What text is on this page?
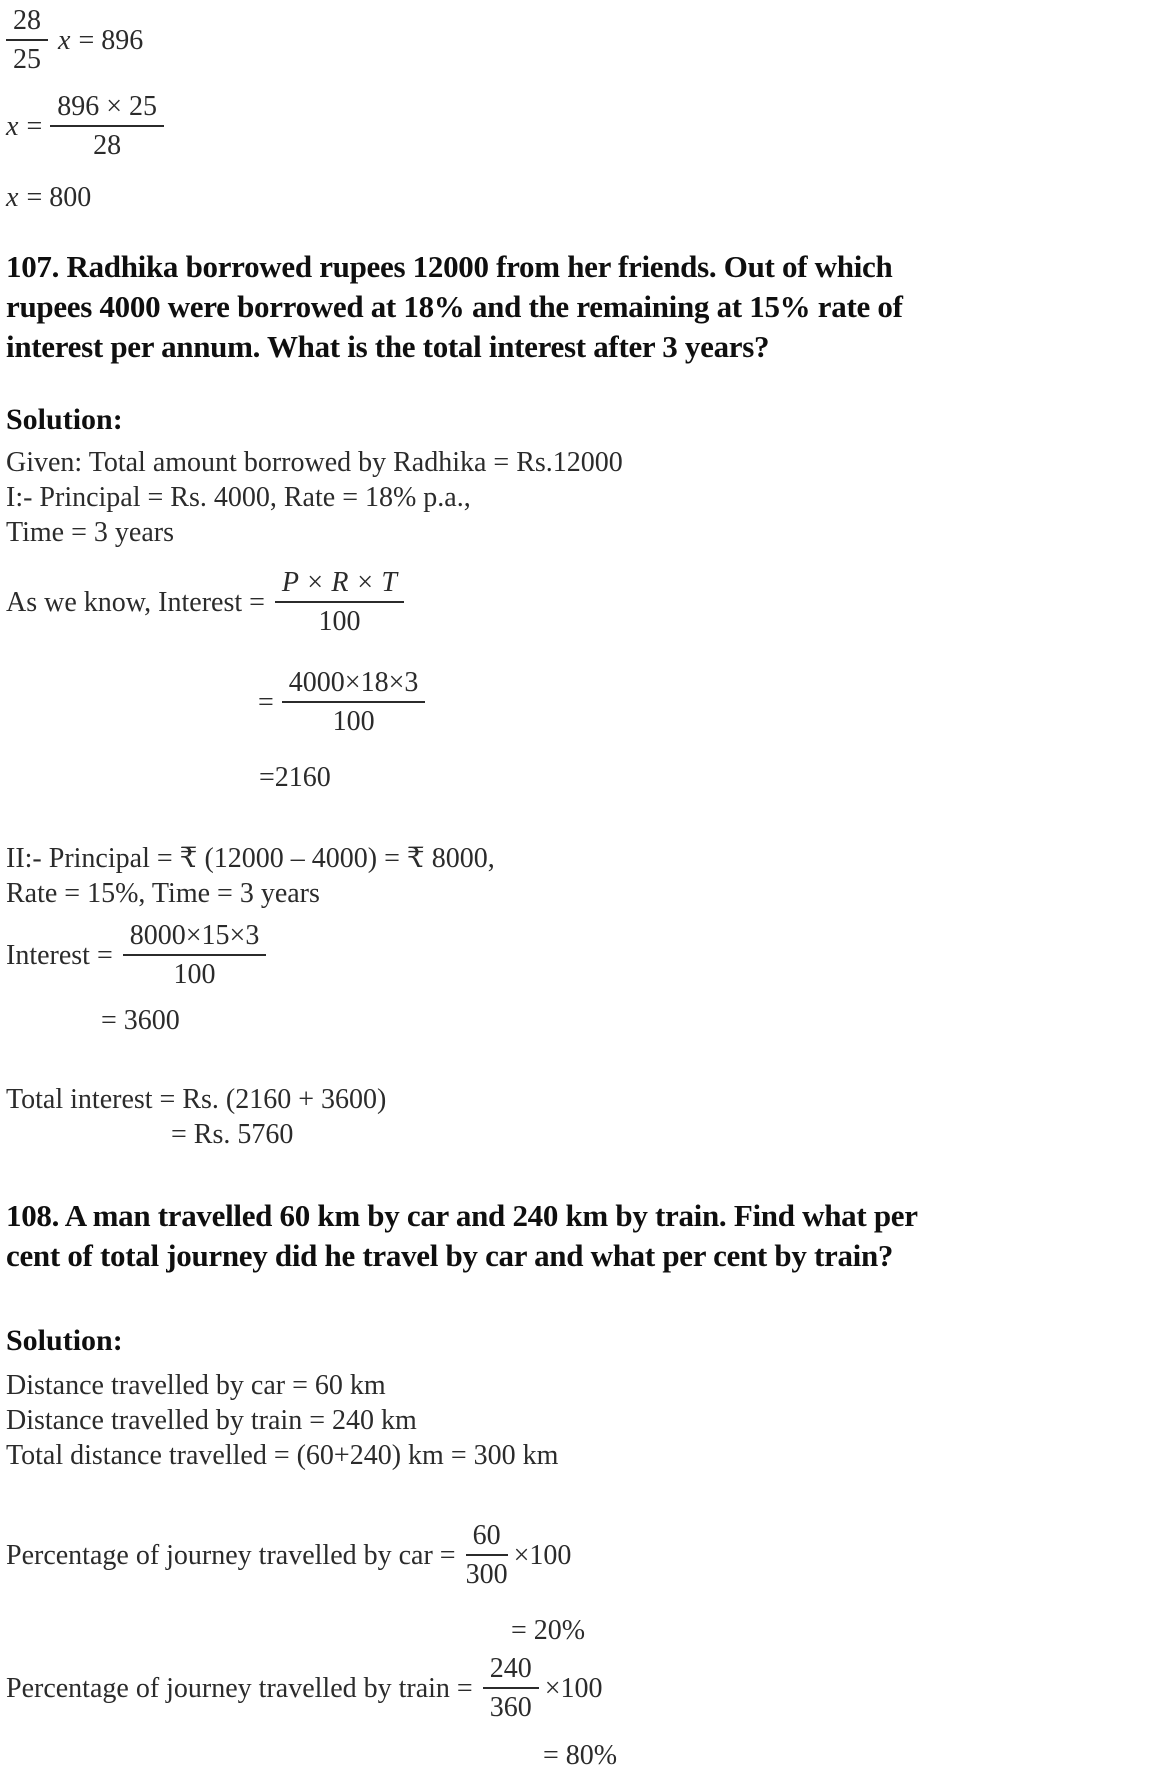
$\frac{28}{25}$ x = 896
$x = \frac{896 \times 25}{28}$
x = 800
107. Radhika borrowed rupees 12000 from her friends. Out of which
rupees 4000 were borrowed at 18% and the remaining at 15% rate of
interest per annum. What is the total interest after 3 years?
Solution:
Given: Total amount borrowed by Radhika = Rs.12000
I:- Principal = Rs. 4000, Rate = 18% p.a.,
Time = 3 years
As we know, Interest = $\frac{P \times R \times T}{100}$
= $\frac{4000\times 18\times 3}{100}$
=2160
II:- Principal = ₹ (12000 – 4000) = ₹ 8000,
Rate = 15%, Time = 3 years
Interest = $\frac{8000\times 15\times 3}{100}$
= 3600
Total interest = Rs. (2160 + 3600)
= Rs. 5760
108. A man travelled 60 km by car and 240 km by train. Find what per
cent of total journey did he travel by car and what per cent by train?
Solution:
Distance travelled by car = 60 km
Distance travelled by train = 240 km
Total distance travelled = (60+240) km = 300 km
Percentage of journey travelled by car = $\frac{60}{300} \times 100$
= 20%
Percentage of journey travelled by train = $\frac{240}{360} \times 100$
= 80%
